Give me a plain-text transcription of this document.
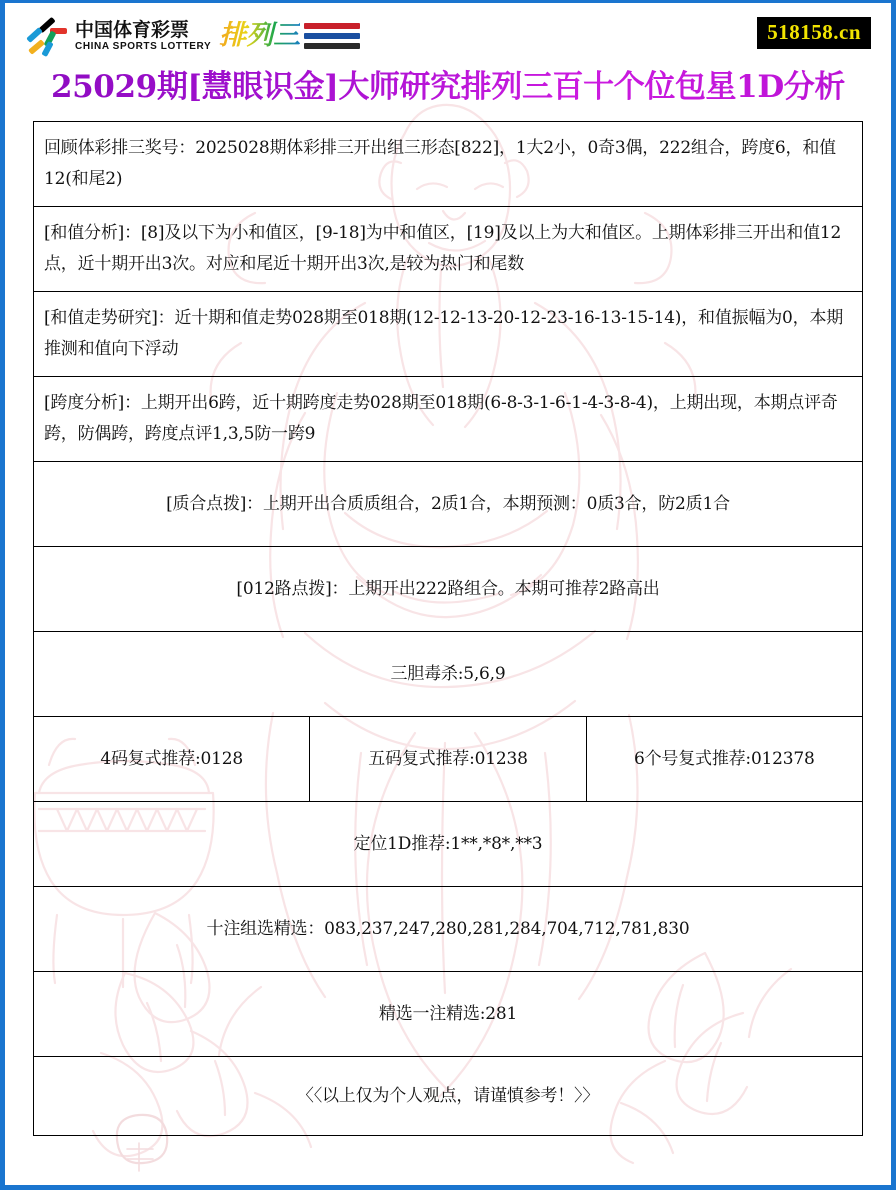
中国体育彩票
CHINA SPORTS LOTTERY 排列三	518158.cn
25029期[慧眼识金]大师研究排列三百十个位包星1D分析
回顾体彩排三奖号：2025028期体彩排三开出组三形态[822]，1大2小，0奇3偶，222组合，跨度6，和值12(和尾2)
[和值分析]：[8]及以下为小和值区，[9-18]为中和值区，[19]及以上为大和值区。上期体彩排三开出和值12点，近十期开出3次。对应和尾近十期开出3次,是较为热门和尾数
[和值走势研究]：近十期和值走势028期至018期(12-12-13-20-12-23-16-13-15-14)，和值振幅为0，本期推测和值向下浮动
[跨度分析]：上期开出6跨，近十期跨度走势028期至018期(6-8-3-1-6-1-4-3-8-4)，上期出现，本期点评奇跨，防偶跨，跨度点评1,3,5防一跨9
[质合点拨]：上期开出合质质组合，2质1合，本期预测：0质3合，防2质1合
[012路点拨]：上期开出222路组合。本期可推荐2路高出
三胆毒杀:5,6,9
4码复式推荐:0128	五码复式推荐:01238	6个号复式推荐:012378
定位1D推荐:1**,*8*,**3
十注组选精选：083,237,247,280,281,284,704,712,781,830
精选一注精选:281
〈〈以上仅为个人观点，请谨慎参考！〉〉
